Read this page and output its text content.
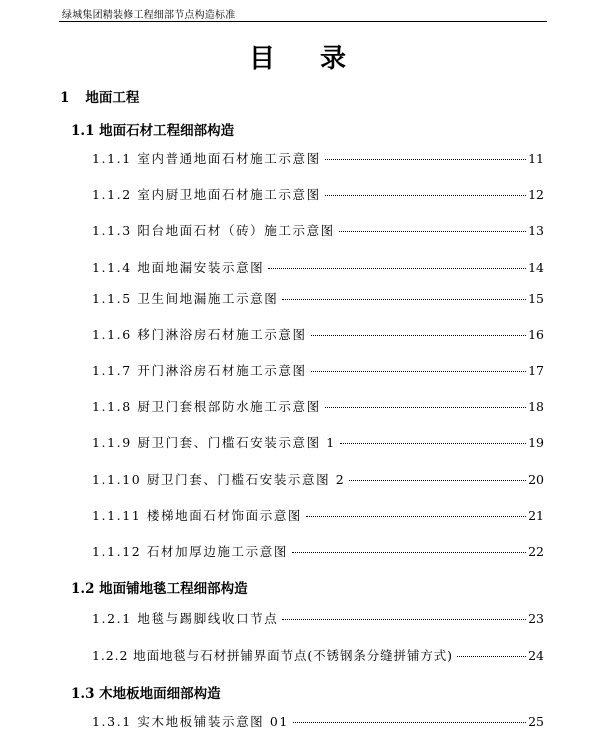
绿城集团精装修工程细部节点构造标准
目 录
1 地面工程
1.1 地面石材工程细部构造
1.1.1 室内普通地面石材施工示意图	11
1.1.2 室内厨卫地面石材施工示意图	12
1.1.3 阳台地面石材（砖）施工示意图	13
1.1.4 地面地漏安装示意图	14
1.1.5 卫生间地漏施工示意图	15
1.1.6 移门淋浴房石材施工示意图	16
1.1.7 开门淋浴房石材施工示意图	17
1.1.8 厨卫门套根部防水施工示意图	18
1.1.9 厨卫门套、门槛石安装示意图 1	19
1.1.10 厨卫门套、门槛石安装示意图 2	20
1.1.11 楼梯地面石材饰面示意图	21
1.1.12 石材加厚边施工示意图	22
1.2 地面铺地毯工程细部构造
1.2.1 地毯与踢脚线收口节点	23
1.2.2 地面地毯与石材拼铺界面节点(不锈钢条分缝拼铺方式)	24
1.3 木地板地面细部构造
1.3.1 实木地板铺装示意图 01	25
